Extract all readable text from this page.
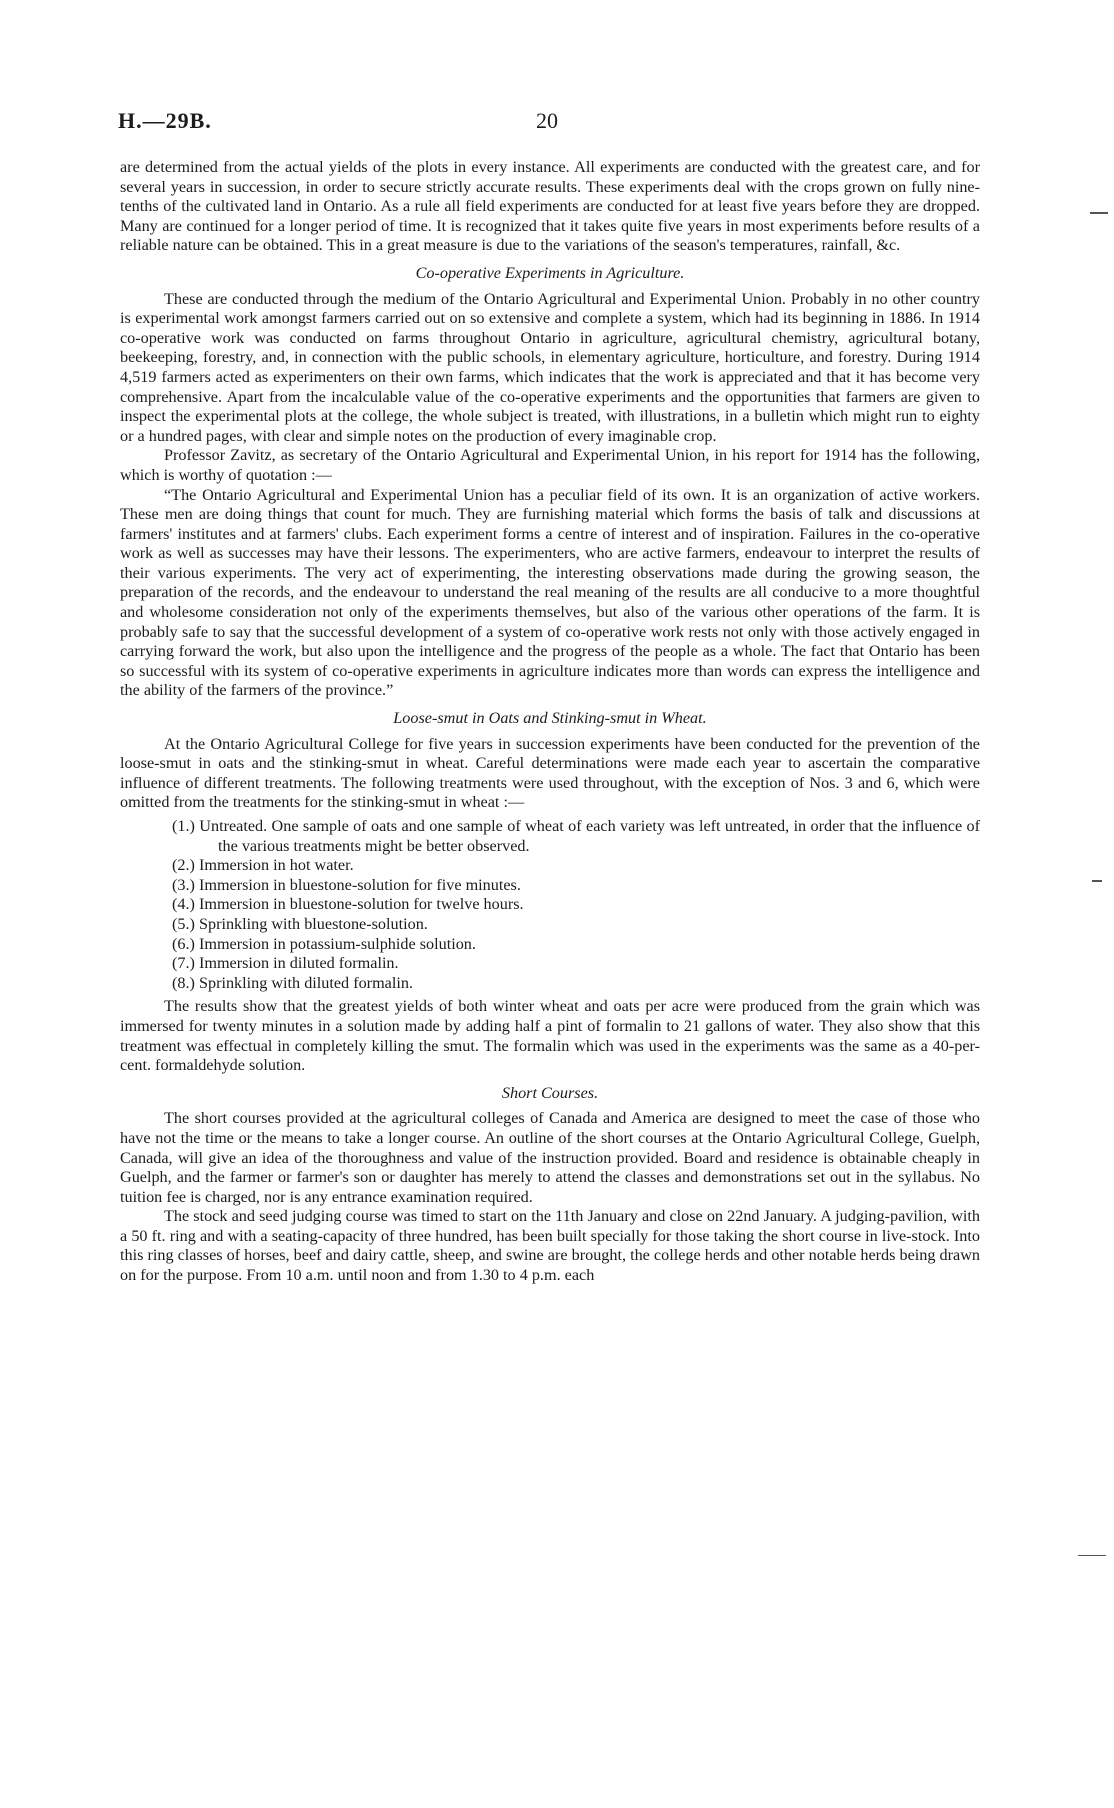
H.—29B.	20

are determined from the actual yields of the plots in every instance. All experiments are conducted with the greatest care, and for several years in succession, in order to secure strictly accurate results. These experiments deal with the crops grown on fully nine-tenths of the cultivated land in Ontario. As a rule all field experiments are conducted for at least five years before they are dropped. Many are continued for a longer period of time. It is recognized that it takes quite five years in most experiments before results of a reliable nature can be obtained. This in a great measure is due to the variations of the season's temperatures, rainfall, &c.

Co-operative Experiments in Agriculture.

These are conducted through the medium of the Ontario Agricultural and Experimental Union. Probably in no other country is experimental work amongst farmers carried out on so extensive and complete a system, which had its beginning in 1886. In 1914 co-operative work was conducted on farms throughout Ontario in agriculture, agricultural chemistry, agricultural botany, beekeeping, forestry, and, in connection with the public schools, in elementary agriculture, horticulture, and forestry. During 1914 4,519 farmers acted as experimenters on their own farms, which indicates that the work is appreciated and that it has become very comprehensive. Apart from the incalculable value of the co-operative experiments and the opportunities that farmers are given to inspect the experimental plots at the college, the whole subject is treated, with illustrations, in a bulletin which might run to eighty or a hundred pages, with clear and simple notes on the production of every imaginable crop.

Professor Zavitz, as secretary of the Ontario Agricultural and Experimental Union, in his report for 1914 has the following, which is worthy of quotation :—

“The Ontario Agricultural and Experimental Union has a peculiar field of its own. It is an organization of active workers. These men are doing things that count for much. They are furnishing material which forms the basis of talk and discussions at farmers' institutes and at farmers' clubs. Each experiment forms a centre of interest and of inspiration. Failures in the co-operative work as well as successes may have their lessons. The experimenters, who are active farmers, endeavour to interpret the results of their various experiments. The very act of experimenting, the interesting observations made during the growing season, the preparation of the records, and the endeavour to understand the real meaning of the results are all conducive to a more thoughtful and wholesome consideration not only of the experiments themselves, but also of the various other operations of the farm. It is probably safe to say that the successful development of a system of co-operative work rests not only with those actively engaged in carrying forward the work, but also upon the intelligence and the progress of the people as a whole. The fact that Ontario has been so successful with its system of co-operative experiments in agriculture indicates more than words can express the intelligence and the ability of the farmers of the province.”

Loose-smut in Oats and Stinking-smut in Wheat.

At the Ontario Agricultural College for five years in succession experiments have been conducted for the prevention of the loose-smut in oats and the stinking-smut in wheat. Careful determinations were made each year to ascertain the comparative influence of different treatments. The following treatments were used throughout, with the exception of Nos. 3 and 6, which were omitted from the treatments for the stinking-smut in wheat :—

(1.) Untreated. One sample of oats and one sample of wheat of each variety was left untreated, in order that the influence of the various treatments might be better observed.
(2.) Immersion in hot water.
(3.) Immersion in bluestone-solution for five minutes.
(4.) Immersion in bluestone-solution for twelve hours.
(5.) Sprinkling with bluestone-solution.
(6.) Immersion in potassium-sulphide solution.
(7.) Immersion in diluted formalin.
(8.) Sprinkling with diluted formalin.

The results show that the greatest yields of both winter wheat and oats per acre were produced from the grain which was immersed for twenty minutes in a solution made by adding half a pint of formalin to 21 gallons of water. They also show that this treatment was effectual in completely killing the smut. The formalin which was used in the experiments was the same as a 40-per-cent. formaldehyde solution.

Short Courses.

The short courses provided at the agricultural colleges of Canada and America are designed to meet the case of those who have not the time or the means to take a longer course. An outline of the short courses at the Ontario Agricultural College, Guelph, Canada, will give an idea of the thoroughness and value of the instruction provided. Board and residence is obtainable cheaply in Guelph, and the farmer or farmer's son or daughter has merely to attend the classes and demonstrations set out in the syllabus. No tuition fee is charged, nor is any entrance examination required.

The stock and seed judging course was timed to start on the 11th January and close on 22nd January. A judging-pavilion, with a 50 ft. ring and with a seating-capacity of three hundred, has been built specially for those taking the short course in live-stock. Into this ring classes of horses, beef and dairy cattle, sheep, and swine are brought, the college herds and other notable herds being drawn on for the purpose. From 10 a.m. until noon and from 1.30 to 4 p.m. each
